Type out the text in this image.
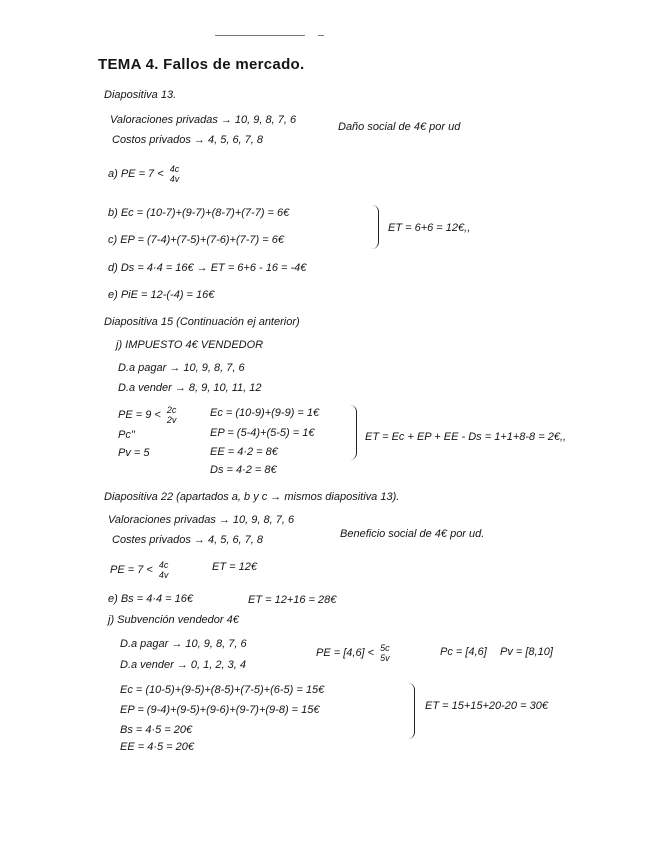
TEMA 4. Fallos de mercado.
Diapositiva 13.
Valoraciones privadas → 10, 9, 8, 7, 6
Costos privados → 4, 5, 6, 7, 8
Daño social de 4€ por ud
a) PE = 7 < 4c
4v
b) Ec = (10-7)+(9-7)+(8-7)+(7-7) = 6€
c) EP = (7-4)+(7-5)+(7-6)+(7-7) = 6€
ET = 6+6 = 12€,,
d) Ds = 4·4 = 16€ → ET = 6+6 - 16 = -4€
e) PiE = 12-(-4) = 16€
Diapositiva 15 (Continuación ej anterior)
j) IMPUESTO 4€ VENDEDOR
D.a pagar → 10, 9, 8, 7, 6
D.a vender → 8, 9, 10, 11, 12
PE = 9 < 2c
2v
Pc"
Pv = 5
Ec = (10-9)+(9-9) = 1€
EP = (5-4)+(5-5) = 1€
EE = 4·2 = 8€
Ds = 4·2 = 8€
ET = Ec + EP + EE - Ds = 1+1+8-8 = 2€,,
Diapositiva 22 (apartados a, b y c → mismos diapositiva 13).
Valoraciones privadas → 10, 9, 8, 7, 6
Costes privados → 4, 5, 6, 7, 8	Beneficio social de 4€ por ud.
PE = 7 < 4c
4v
ET = 12€
e) Bs = 4·4 = 16€	ET = 12+16 = 28€
j) Subvención vendedor 4€
D.a pagar → 10, 9, 8, 7, 6
D.a vender → 0, 1, 2, 3, 4
PE = [4,6] < 5c
5v	Pc = [4,6] Pv = [8,10]
Ec = (10-5)+(9-5)+(8-5)+(7-5)+(6-5) = 15€
EP = (9-4)+(9-5)+(9-6)+(9-7)+(9-8) = 15€
Bs = 4·5 = 20€
EE = 4·5 = 20€
ET = 15+15+20-20 = 30€
